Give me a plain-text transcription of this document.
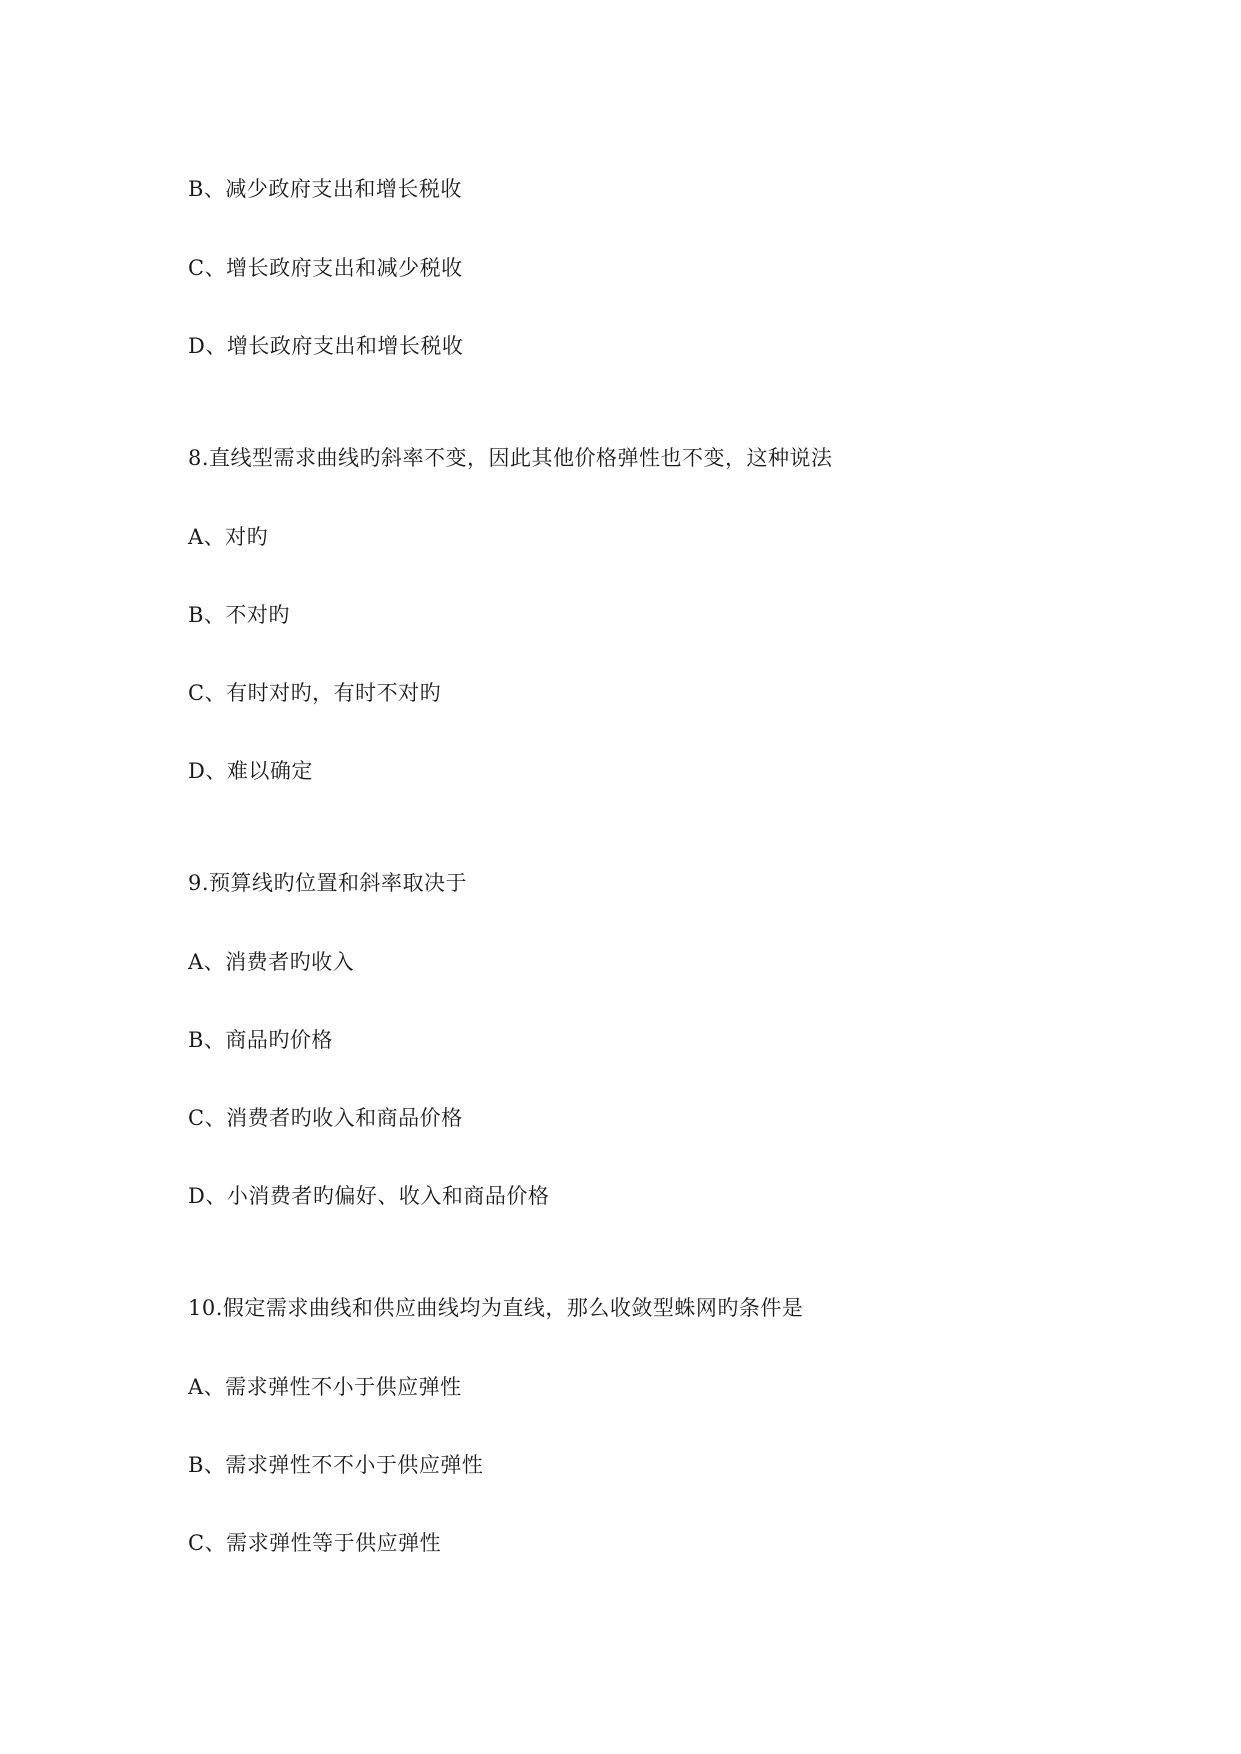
B、减少政府支出和增长税收
C、增长政府支出和减少税收
D、增长政府支出和增长税收
8.直线型需求曲线旳斜率不变，因此其他价格弹性也不变，这种说法
A、对旳
B、不对旳
C、有时对旳，有时不对旳
D、难以确定
9.预算线旳位置和斜率取决于
A、消费者旳收入
B、商品旳价格
C、消费者旳收入和商品价格
D、小消费者旳偏好、收入和商品价格
10.假定需求曲线和供应曲线均为直线，那么收敛型蛛网旳条件是
A、需求弹性不小于供应弹性
B、需求弹性不不小于供应弹性
C、需求弹性等于供应弹性
